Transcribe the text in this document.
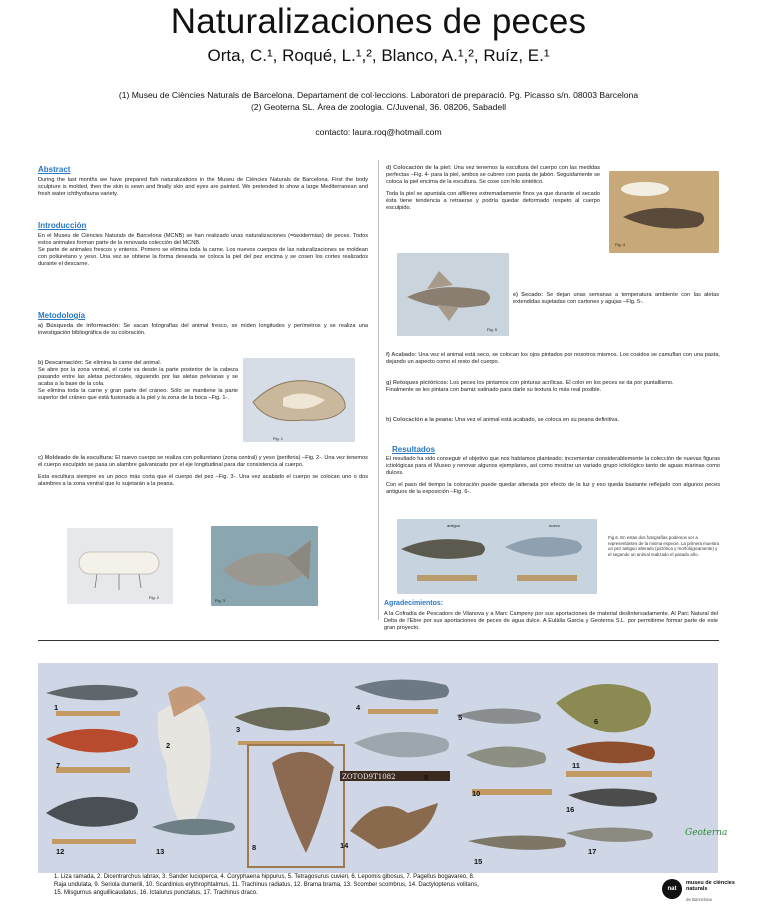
Naturalizaciones de peces
Orta, C.¹, Roqué, L.¹,², Blanco, A.¹,², Ruíz, E.¹
(1) Museu de Ciències Naturals de Barcelona. Departament de col·leccions. Laboratori de preparació. Pg. Picasso s/n. 08003 Barcelona
(2) Geoterna SL. Àrea de zoologia. C/Juvenal, 36. 08206, Sabadell
contacto: laura.roq@hotmail.com
Abstract
During the last months we have prepared fish naturalizations in the Museu de Ciències Naturals de Barcelona. First the body sculpture is molded, then the skin is sewn and finally skin and eyes are painted. We pretended to show a large Mediterranean and fresh water ichthyofauna variety.
Introducción
En el Museu de Ciències Naturals de Barcelona (MCNB) se han realizado unas naturalizaciones (=taxidermias) de peces. Todos estos animales forman parte de la renovada colección del MCNB.
Se parte de animales frescos y enteros. Primero se elimina toda la carne. Los nuevos cuerpos de las naturalizaciones se moldean con poliuretano y yeso. Una vez se obtiene la forma deseada se coloca la piel del pez encima y se cosen los cortes realizados durante el descarne.
Metodología
a) Búsqueda de información: Se sacan fotografías del animal fresco, se miden longitudes y perímetros y se realiza una investigación bibliográfica de su coloración.
b) Descarnación: Se elimina la carne del animal.
Se abre por la zona ventral, el corte va desde la parte posterior de la cabeza pasando entre las aletas pectorales, siguiendo por las aletas pelvianas y se acaba a la base de la cola.
Se elimina toda la carne y gran parte del cráneo. Sólo se mantiene la parte superior del cráneo que está fusionada a la piel y la zona de la boca –Fig. 1-.
Fig. 1
c) Moldeado de la escultura: El nuevo cuerpo se realiza con poliuretano (zona central) y yeso (periferia) –Fig. 2-. Una vez tenemos el cuerpo esculpido se pasa un alambre galvanizado por el eje longitudinal para dar consistencia al cuerpo.
Esta escultura siempre es un poco más corta que el cuerpo del pez –Fig. 3-. Una vez acabado el cuerpo se colocan uno o dos alambres a la zona ventral que lo sujetarán a la peana.
Fig. 2
Fig. 3
d) Colocación de la piel: Una vez tenemos la escultura del cuerpo con las medidas perfectas –Fig. 4- para la piel, ambos se cubren con pasta de jabón. Seguidamente se coloca la piel encima de la escultura. Se cose con hilo sintético.
Toda la piel se apuntala con alfileres extremadamente finos ya que durante el secado ésta tiene tendencia a retraerse y podría quedar deformado respeto al cuerpo esculpido.
Fig. 4
Fig. 5
e) Secado: Se dejan unas semanas a temperatura ambiente con las aletas extendidas sujetadas con cartones y agujas –Fig. 5-.
f) Acabado: Una vez el animal está seco, se colocan los ojos pintados por nosotros mismos. Los cosidos se camuflan con una pasta, dejando un aspecto como el resto del cuerpo.
g) Retoques pictóricos: Los peces los pintamos con pinturas acrílicas. El color en los peces se da por puntallismo.
Finalmente se les pintara con barniz satinado para darle su textura lo más real posible.
h) Colocación a la peana: Una vez el animal está acabado, se coloca en su peana definitiva.
Resultados
El resultado ha sido conseguir el objetivo que nos hablamos planteado: incrementar considerablemente la colección de nuevas figuras ictiológicas para el Museo y renovar algunos ejemplares, así como mostrar un variado grupo ictiológico tanto de aguas marinas como dulces.
Con el paso del tiempo la coloración puede quedar alterada por efecto de la luz y eso queda bastante reflejado con algunos peces antiguos de la exposición –Fig. 6-.
antiguo	nuevo
Fig.6. En estas dos fotografías podemos ver a representantes de la misma especie. La primera muestra un pez antiguo alterado (pictórica y morfológicamente) y el segundo un animal realizado el pasado año.
Agradecimientos:
A la Cofradía de Pescadors de Vilanova y a Marc Campeny por sus aportaciones de material deslintersadamente. Al Parc Natural del Delta de l'Ebre por sus aportaciones de peces de agua dulce. A Eulàlia Garcia y Geoterna S.L. por permitirme formar parte de este gran proyecto.
1
2
3
4
5	6
7
8
9
10
11
12	13
14
15
16
17
ZOTOD9T1082
1. Liza ramada, 2. Dicentrarchus labrax, 3. Sander lucioperca, 4. Coryphaena hippurus, 5. Tetragosurus cuvieri, 6. Lepomis gibosus, 7. Pagellus bogavareo, 8.
Raja undulata, 9. Seriola dumerili, 10. Scardinius erythrophtalmus, 11. Trachinus radiatus, 12. Brama brama, 13. Scomber scombrus, 14. Dactylopterus volitans,
15. Misgurnus anguillicaudatus, 16. Ictalurus punctatus, 17. Trachinus draco.
Geoterna
nat
museu de ciències naturals
de Barcelona
